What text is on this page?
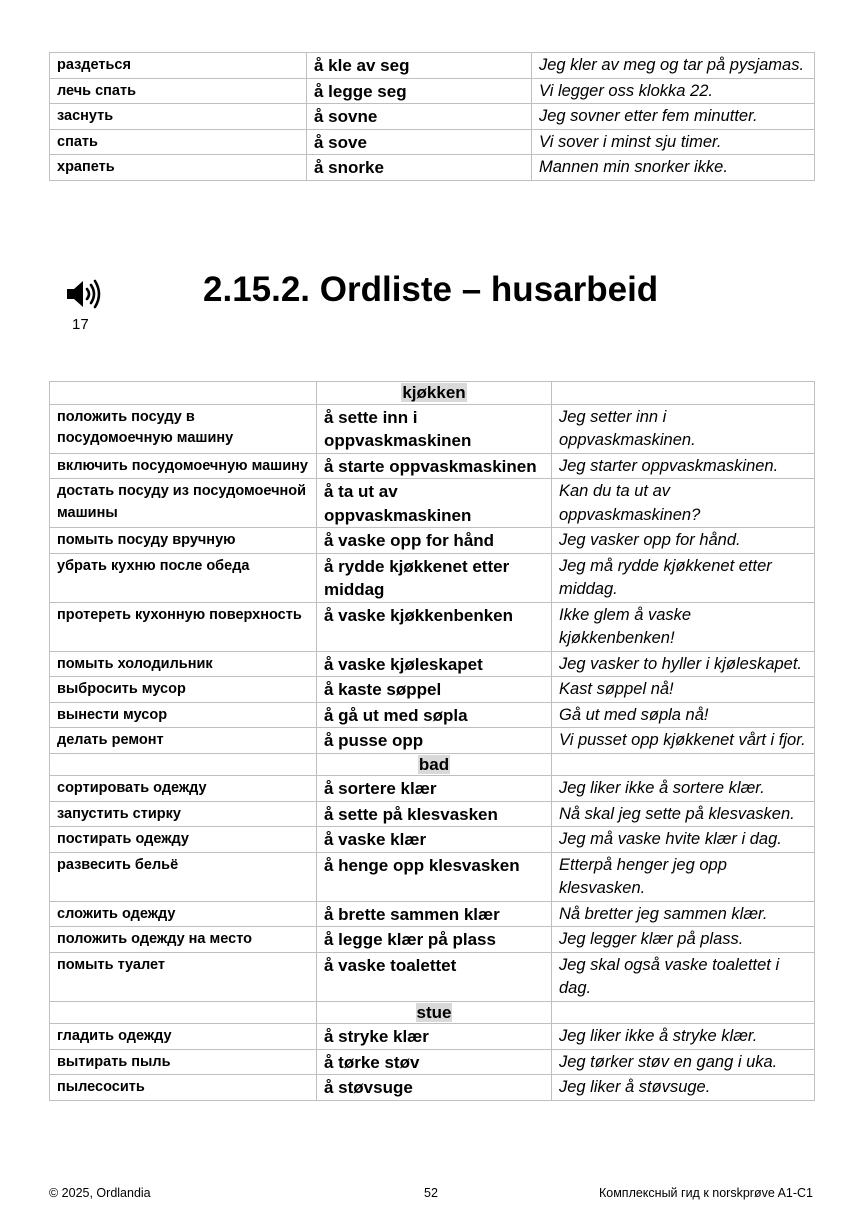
раздеться	å kle av seg	Jeg kler av meg og tar på pysjamas.
лечь спать	å legge seg	Vi legger oss klokka 22.
заснуть	å sovne	Jeg sovner etter fem minutter.
спать	å sove	Vi sover i minst sju timer.
храпеть	å snorke	Mannen min snorker ikke.
17
2.15.2. Ordliste – husarbeid
	kjøkken	
положить посуду в посудомоечную машину	å sette inn i oppvaskmaskinen	Jeg setter inn i oppvaskmaskinen.
включить посудомоечную машину	å starte oppvaskmaskinen	Jeg starter oppvaskmaskinen.
достать посуду из посудомоечной машины	å ta ut av oppvaskmaskinen	Kan du ta ut av oppvaskmaskinen?
помыть посуду вручную	å vaske opp for hånd	Jeg vasker opp for hånd.
убрать кухню после обеда	å rydde kjøkkenet etter middag	Jeg må rydde kjøkkenet etter middag.
протереть кухонную поверхность	å vaske kjøkkenbenken	Ikke glem å vaske kjøkkenbenken!
помыть холодильник	å vaske kjøleskapet	Jeg vasker to hyller i kjøleskapet.
выбросить мусор	å kaste søppel	Kast søppel nå!
вынести мусор	å gå ut med søpla	Gå ut med søpla nå!
делать ремонт	å pusse opp	Vi pusset opp kjøkkenet vårt i fjor.
	bad	
сортировать одежду	å sortere klær	Jeg liker ikke å sortere klær.
запустить стирку	å sette på klesvasken	Nå skal jeg sette på klesvasken.
постирать одежду	å vaske klær	Jeg må vaske hvite klær i dag.
развесить бельё	å henge opp klesvasken	Etterpå henger jeg opp klesvasken.
сложить одежду	å brette sammen klær	Nå bretter jeg sammen klær.
положить одежду на место	å legge klær på plass	Jeg legger klær på plass.
помыть туалет	å vaske toalettet	Jeg skal også vaske toalettet i dag.
	stue	
гладить одежду	å stryke klær	Jeg liker ikke å stryke klær.
вытирать пыль	å tørke støv	Jeg tørker støv en gang i uka.
пылесосить	å støvsuge	Jeg liker å støvsuge.
© 2025, Ordlandia	52	Комплексный гид к norskprøve A1-C1
